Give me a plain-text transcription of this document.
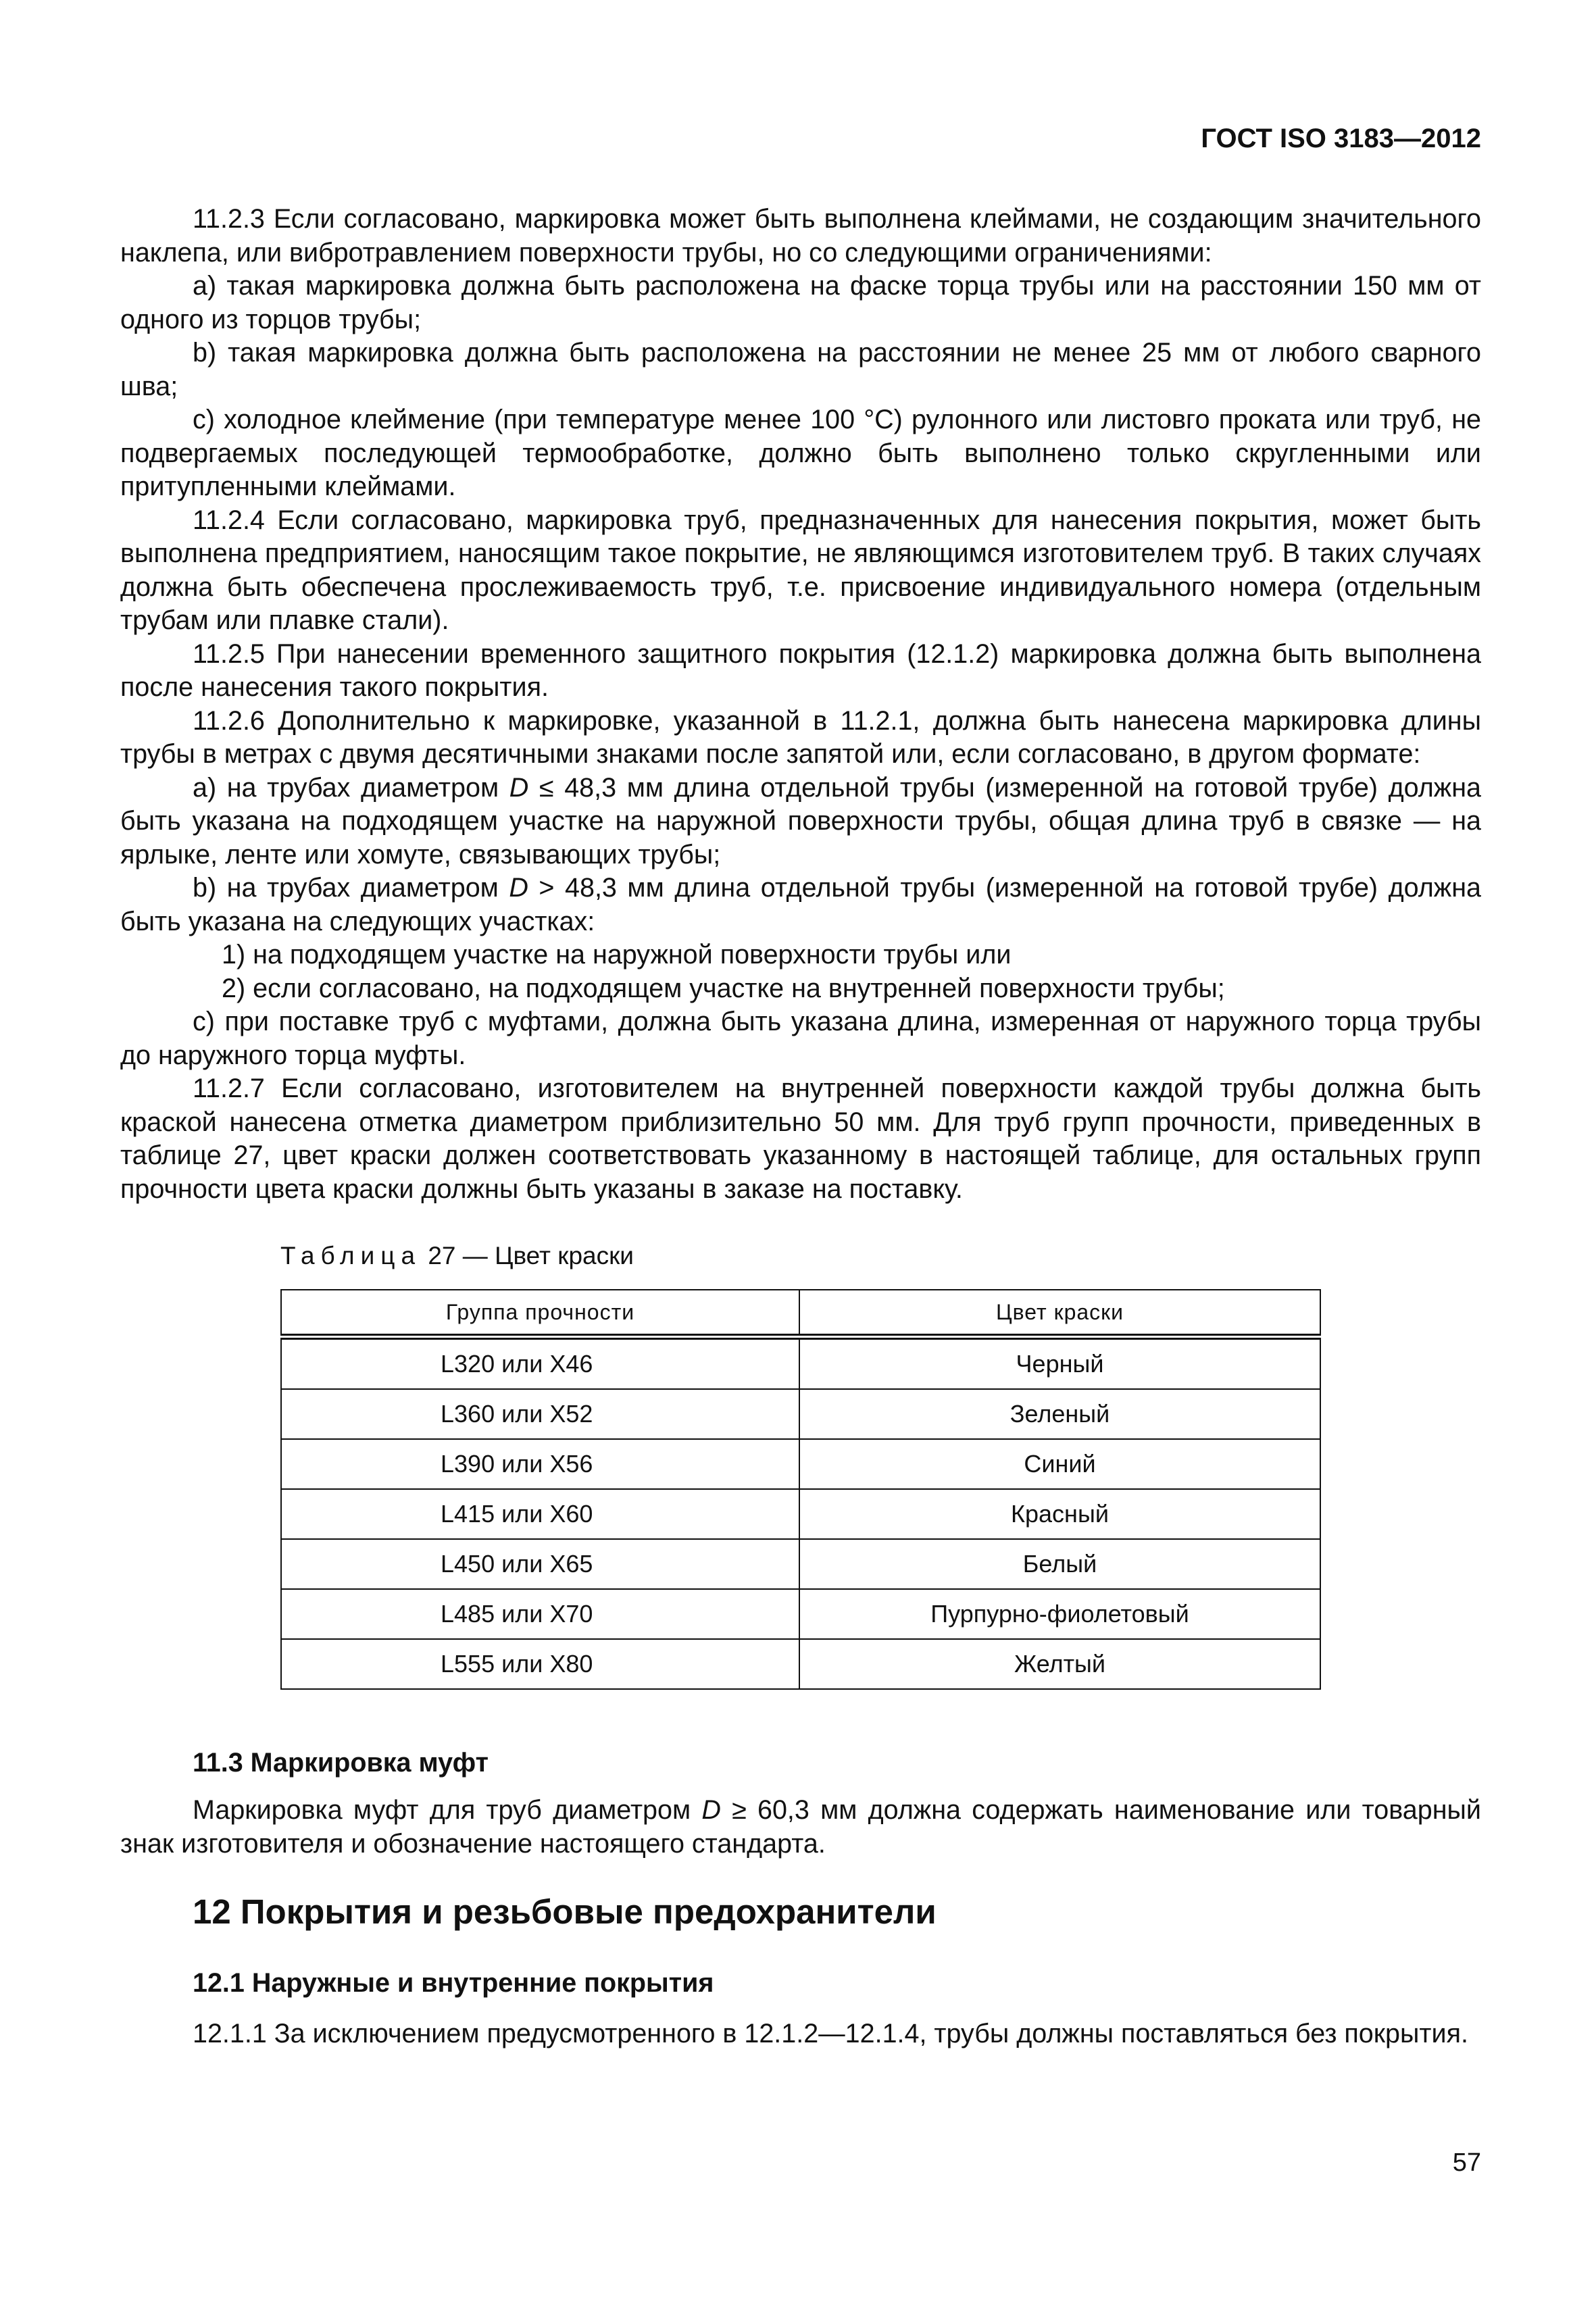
ГОСТ ISO 3183—2012

11.2.3 Если согласовано, маркировка может быть выполнена клеймами, не создающим значительного наклепа, или вибротравлением поверхности трубы, но со следующими ограничениями:

а) такая маркировка должна быть расположена на фаске торца трубы или на расстоянии 150 мм от одного из торцов трубы;

b) такая маркировка должна быть расположена на расстоянии не менее 25 мм от любого сварного шва;

с) холодное клеймение (при температуре менее 100 °С) рулонного или листовго проката или труб, не подвергаемых последующей термообработке, должно быть выполнено только скругленными или притупленными клеймами.

11.2.4 Если согласовано, маркировка труб, предназначенных для нанесения покрытия, может быть выполнена предприятием, наносящим такое покрытие, не являющимся изготовителем труб. В таких случаях должна быть обеспечена прослеживаемость труб, т.е. присвоение индивидуального номера (отдельным трубам или плавке стали).

11.2.5 При нанесении временного защитного покрытия (12.1.2) маркировка должна быть выполнена после нанесения такого покрытия.

11.2.6 Дополнительно к маркировке, указанной в 11.2.1, должна быть нанесена маркировка длины трубы в метрах с двумя десятичными знаками после запятой или, если согласовано, в другом формате:

а) на трубах диаметром D ≤ 48,3 мм длина отдельной трубы (измеренной на готовой трубе) должна быть указана на подходящем участке на наружной поверхности трубы, общая длина труб в связке — на ярлыке, ленте или хомуте, связывающих трубы;

b) на трубах диаметром D > 48,3 мм длина отдельной трубы (измеренной на готовой трубе) должна быть указана на следующих участках:

1) на подходящем участке на наружной поверхности трубы или

2) если согласовано, на подходящем участке на внутренней поверхности трубы;

с) при поставке труб с муфтами, должна быть указана длина, измеренная от наружного торца трубы до наружного торца муфты.

11.2.7 Если согласовано, изготовителем на внутренней поверхности каждой трубы должна быть краской нанесена отметка диаметром приблизительно 50 мм. Для труб групп прочности, приведенных в таблице 27, цвет краски должен соответствовать указанному в настоящей таблице, для остальных групп прочности цвета краски должны быть указаны в заказе на поставку.

Таблица 27 — Цвет краски
Группа прочности	Цвет краски
L320 или X46	Черный
L360 или X52	Зеленый
L390 или X56	Синий
L415 или X60	Красный
L450 или X65	Белый
L485 или X70	Пурпурно-фиолетовый
L555 или X80	Желтый
11.3 Маркировка муфт

Маркировка муфт для труб диаметром D ≥ 60,3 мм должна содержать наименование или товарный знак изготовителя и обозначение настоящего стандарта.

12 Покрытия и резьбовые предохранители
12.1 Наружные и внутренние покрытия

12.1.1 За исключением предусмотренного в 12.1.2—12.1.4, трубы должны поставляться без покрытия.

57
